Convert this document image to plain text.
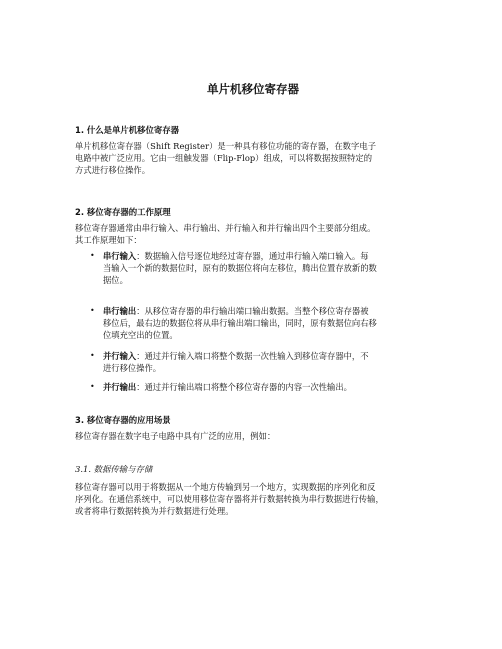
单片机移位寄存器
1. 什么是单片机移位寄存器
单片机移位寄存器（Shift Register）是一种具有移位功能的寄存器，在数字电子
电路中被广泛应用。它由一组触发器（Flip-Flop）组成，可以将数据按照特定的
方式进行移位操作。
2. 移位寄存器的工作原理
移位寄存器通常由串行输入、串行输出、并行输入和并行输出四个主要部分组成。
其工作原理如下：
• 串行输入：数据输入信号逐位地经过寄存器，通过串行输入端口输入。每
当输入一个新的数据位时，原有的数据位将向左移位，腾出位置存放新的数
据位。
• 串行输出：从移位寄存器的串行输出端口输出数据。当整个移位寄存器被
移位后，最右边的数据位将从串行输出端口输出，同时，原有数据位向右移
位填充空出的位置。
• 并行输入：通过并行输入端口将整个数据一次性输入到移位寄存器中，不
进行移位操作。
• 并行输出：通过并行输出端口将整个移位寄存器的内容一次性输出。
3. 移位寄存器的应用场景
移位寄存器在数字电子电路中具有广泛的应用，例如：
3.1. 数据传输与存储
移位寄存器可以用于将数据从一个地方传输到另一个地方，实现数据的序列化和反
序列化。在通信系统中，可以使用移位寄存器将并行数据转换为串行数据进行传输，
或者将串行数据转换为并行数据进行处理。
